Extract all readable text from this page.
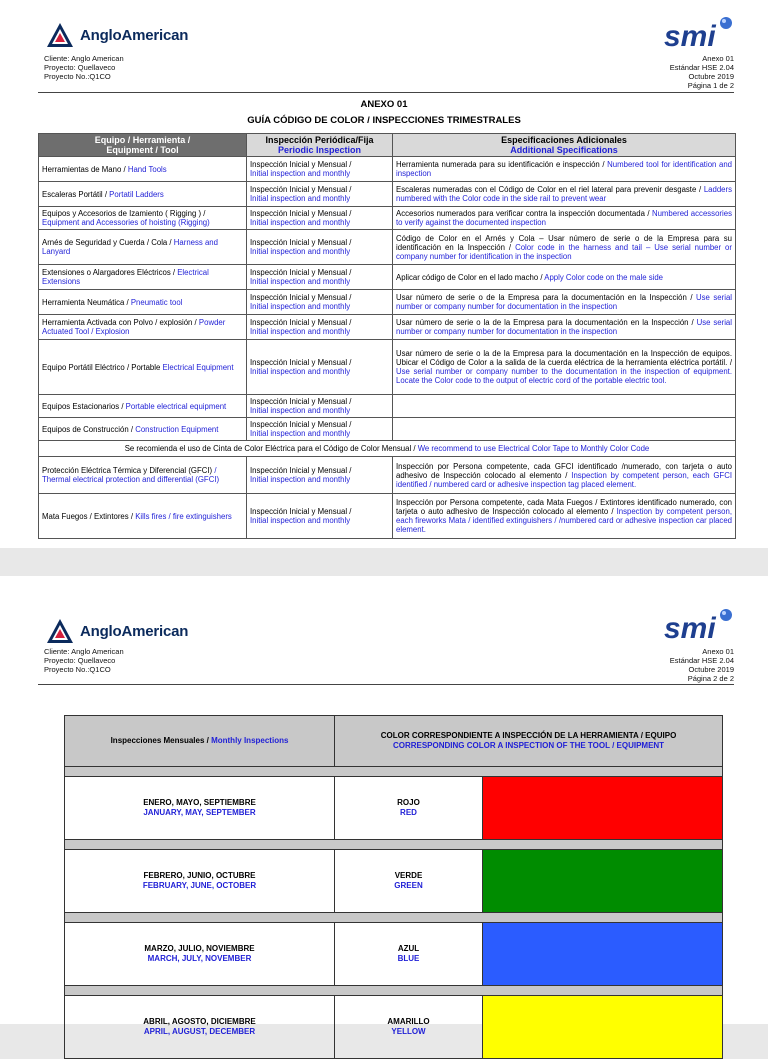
AngloAmerican
Cliente: Anglo American
Proyecto: Quellaveco
Proyecto No.:Q1CO
smi
Anexo 01
Estándar HSE 2.04
Octubre 2019
Página 1 de 2
ANEXO 01
GUÍA CÓDIGO DE COLOR / INSPECCIONES TRIMESTRALES
Equipo / Herramienta /
Equipment / Tool	Inspección Periódica/Fija
Periodic Inspection	Especificaciones Adicionales
Additional Specifications
Herramientas de Mano / Hand Tools	Inspección Inicial y Mensual /
Initial inspection and monthly	Herramienta numerada para su identificación e inspección / Numbered tool for identification and inspection
Escaleras Portátil / Portatil Ladders	Inspección Inicial y Mensual /
Initial inspection and monthly	Escaleras numeradas con el Código de Color en el riel lateral para prevenir desgaste / Ladders numbered with the Color code in the side rail to prevent wear
Equipos y Accesorios de Izamiento ( Rigging ) / Equipment and Accessories of hoisting (Rigging)	Inspección Inicial y Mensual /
Initial inspection and monthly	Accesorios numerados para verificar contra la inspección documentada / Numbered accessories to verify against the documented inspection
Arnés de Seguridad y Cuerda / Cola / Harness and Lanyard	Inspección Inicial y Mensual /
Initial inspection and monthly	Código de Color en el Arnés y Cola – Usar número de serie o de la Empresa para su identificación en la Inspección / Color code in the harness and tail – Use serial number or company number for identification in the inspection
Extensiones o Alargadores Eléctricos / Electrical Extensions	Inspección Inicial y Mensual /
Initial inspection and monthly	Aplicar código de Color en el lado macho / Apply Color code on the male side
Herramienta Neumática / Pneumatic tool	Inspección Inicial y Mensual /
Initial inspection and monthly	Usar número de serie o de la Empresa para la documentación en la Inspección / Use serial number or company number for documentation in the inspection
Herramienta Activada con Polvo / explosión / Powder Actuated Tool / Explosion	Inspección Inicial y Mensual /
Initial inspection and monthly	Usar número de serie o la de la Empresa para la documentación en la Inspección / Use serial number or company number for documentation in the inspection
Equipo Portátil Eléctrico / Portable Electrical Equipment	Inspección Inicial y Mensual /
Initial inspection and monthly	Usar número de serie o la de la Empresa para la documentación en la Inspección de equipos. Ubicar el Código de Color a la salida de la cuerda eléctrica de la herramienta eléctrica portátil. / Use serial number or company number to the documentation in the inspection of equipment. Locate the Color code to the output of electric cord of the portable electric tool.
Equipos Estacionarios / Portable electrical equipment	Inspección Inicial y Mensual /
Initial inspection and monthly	
Equipos de Construcción / Construction Equipment	Inspección Inicial y Mensual /
Initial inspection and monthly	
Se recomienda el uso de Cinta de Color Eléctrica para el Código de Color Mensual / We recommend to use Electrical Color Tape to Monthly Color Code		
Protección Eléctrica Térmica y Diferencial (GFCI) / Thermal electrical protection and differential (GFCI)	Inspección Inicial y Mensual /
Initial inspection and monthly	Inspección por Persona competente, cada GFCI identificado /numerado, con tarjeta o auto adhesivo de Inspección colocado al elemento / Inspection by competent person, each GFCI identified / numbered card or adhesive inspection tag placed element.
Mata Fuegos / Extintores / Kills fires / fire extinguishers	Inspección Inicial y Mensual /
Initial inspection and monthly	Inspección por Persona competente, cada Mata Fuegos / Extintores identificado numerado, con tarjeta o auto adhesivo de Inspección colocado al elemento / Inspection by competent person, each fireworks Mata / identified extinguishers / /numbered card or adhesive inspection car placed element.
AngloAmerican
Cliente: Anglo American
Proyecto: Quellaveco
Proyecto No.:Q1CO
smi
Anexo 01
Estándar HSE 2.04
Octubre 2019
Página 2 de 2
Inspecciones Mensuales / Monthly Inspections	COLOR CORRESPONDIENTE A INSPECCIÓN DE LA HERRAMIENTA / EQUIPO
CORRESPONDING COLOR A INSPECTION OF THE TOOL / EQUIPMENT	

ENERO, MAYO, SEPTIEMBRE
JANUARY, MAY, SEPTEMBER	ROJO
RED	

FEBRERO, JUNIO, OCTUBRE
FEBRUARY, JUNE, OCTOBER	VERDE
GREEN	

MARZO, JULIO, NOVIEMBRE
MARCH, JULY, NOVEMBER	AZUL
BLUE	

ABRIL, AGOSTO, DICIEMBRE
APRIL, AUGUST, DECEMBER	AMARILLO
YELLOW	
